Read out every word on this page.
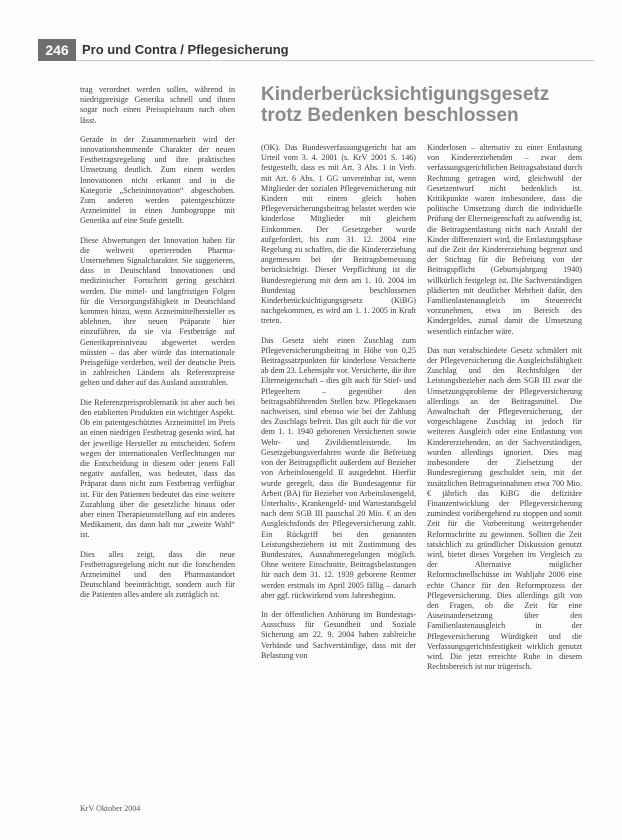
246	Pro und Contra / Pflegesicherung

trag verordnet werden sollen, während in niedrigpreisige Generika schnell und ihnen sogar noch einen Preisspielraum nach oben lässt.

Gerade in der Zusammenarbeit wird der innovationshemmende Charakter der neuen Festbetragsregelung und ihre praktischen Umsetzung deutlich. Zum einem werden Innovationen nicht erkannt und in die Kategorie „Scheininnovation“ abgeschoben. Zum anderen werden patentgeschützte Arzneimittel in einen Jumbogruppe mit Generika auf eine Stufe gestellt.

Diese Abwertungen der Innovation haben für die weltweit operierenden Pharma-Unternehmen Signalcharakter. Sie suggerieren, dass in Deutschland Innovationen und medizinischer Fortschritt gering geschätzt werden. Die mittel- und langfristigen Folgen für die Versorgungsfähigkeit in Deutschland kommen hinzu, wenn Arzneimittelhersteller es ablehnen, ihre neuen Präparate hier einzuführen, da sie via Festbeträge auf Generikapreisniveau abgewertet werden müssten – das aber würde das internationale Preisgefüge verderben, weil der deutsche Preis in zahlreichen Ländern als Referenzpreise gelten und daher auf das Ausland ausstrahlen.

Die Referenzpreisproblematik ist aber auch bei den etablierten Produkten ein wichtiger Aspekt. Ob ein patentgeschütztes Arzneimittel im Preis an einen niedrigen Festbetrag gesenkt wird, hat der jeweilige Hersteller zu entscheiden. Sofern wegen der internationalen Verflechtungen nur die Entscheidung in diesem oder jenem Fall negativ ausfallen, was bedeutet, dass das Präparat dann nicht zum Festbetrag verfügbar ist. Für den Patienten bedeutet das eine weitere Zuzahlung über die gesetzliche hinaus oder aber einen Therapieumstellung auf ein anderes Medikament, das dann halt nur „zweite Wahl“ ist.

Dies alles zeigt, dass die neue Festbetragsregelung nicht nur die forschenden Arzneimittel und den Pharmastandort Deutschland beeinträchtigt, sondern auch für die Patienten alles andere als zuträglich ist.

Kinderberücksichtigungsgesetz
trotz Bedenken beschlossen

(OK). Das Bundesverfassungsgericht hat am Urteil vom 3. 4. 2001 (s. KrV 2001 S. 146) festgestellt, dass es mit Art. 3 Abs. 1 in Verb. mit Art. 6 Abs. 1 GG unvereinbar ist, wenn Mitglieder der sozialen Pflegeversicherung mit Kindern mit einem gleich hohen Pflegeversicherungsbeitrag belastet werden wie kinderlose Mitglieder mit gleichem Einkommen. Der Gesetzgeber wurde aufgefordert, bis zum 31. 12. 2004 eine Regelung zu schaffen, die die Kindererziehung angemessen bei der Beitragsbemessung berücksichtigt. Dieser Verpflichtung ist die Bundesregierung mit dem am 1. 10. 2004 im Bundestag beschlossenen Kinderberücksichtigungsgesetz (KiBG) nachgekommen, es wird am 1. 1. 2005 in Kraft treten.

Das Gesetz sieht einen Zuschlag zum Pflegeversicherungsbeitrag in Höhe von 0,25 Beitragssatzpunkten für kinderlose Versicherte ab dem 23. Lebensjahr vor. Versicherte, die ihre Elterneigenschaft – dies gilt auch für Stief- und Pflegeeltern – gegenüber den beitragsabführenden Stellen bzw. Pflegekassen nachweisen, sind ebenso wie bei der Zahlung des Zuschlags befreit. Das gilt auch für die vor dem 1. 1. 1940 geborenen Versicherten sowie Wehr- und Zivildienstleistende. Im Gesetzgebungsverfahren wurde die Befreiung von der Beitragspflicht außerdem auf Bezieher von Arbeitslosengeld II ausgedehnt. Hierfür wurde geregelt, dass die Bundesagentur für Arbeit (BA) für Bezieher von Arbeitslosengeld, Unterhalts-, Krankengeld- und Wartestandsgeld nach dem SGB III pauschal 20 Mio. € an den Ausgleichsfonds der Pflegeversicherung zahlt. Ein Rückgriff bei den genannten Leistungsbeziehern ist mit Zustimmung des Bundesrates, Ausnahmeregelungen möglich. Ohne weitere Einschnitte, Beitragsbelastungen für nach dem 31. 12. 1939 geborene Rentner werden erstmals im April 2005 fällig – danach aber ggf. rückwirkend vom Jahresbeginn.

In der öffentlichen Anhörung im Bundestags-Ausschuss für Gesundheit und Soziale Sicherung am 22. 9. 2004 haben zahlreiche Verbände und Sachverständige, dass mit der Belastung von

Kinderlosen – alternativ zu einer Entlastung von Kindererziehenden – zwar dem verfassungsgerichtlichen Beitragsabstand durch Rechnung getragen wird, gleichwohl der Gesetzentwurf nicht bedenklich ist. Kritikpunkte waren insbesondere, dass die politische Umsetzung durch die individuelle Prüfung der Elterneigenschaft zu aufwendig ist, die Beitragsentlastung nicht nach Anzahl der Kinder differenziert wird, die Entlastungsphase auf die Zeit der Kindererziehung begrenzt und der Stichtag für die Befreiung von der Beitragspflicht (Geburtsjahrgang 1940) willkürlich festgelegt ist. Die Sachverständigen plädierten mit deutlicher Mehrheit dafür, den Familienlastenausgleich im Steuerrecht vorzunehmen, etwa im Bereich des Kindergeldes, zumal damit die Umsetzung wesentlich einfacher wäre.

Das nun verabschiedete Gesetz schmälert mit der Pflegeversicherung die Ausgleichsfähigkeit Zuschlag und den Rechtsfolgen der Leistungsbezieher nach dem SGB III zwar die Umsetzungsprobleme der Pflegeversicherung allerdings an der Beitragsmittel. Die Anwaltschaft der Pflegeversicherung, der vorgeschlagene Zuschlag ist jedoch für weiteren Ausgleich oder eine Entlastung von Kindererziehenden, an der Sachverständigen, wurden allerdings ignoriert. Dies mag insbesondere der Zielsetzung der Bundesregierung geschuldet sein, mit der zusätzlichen Beitragseinnahmen etwa 700 Mio. € jährlich das KiBG die defizitäre Finanzentwicklung der Pflegeversicherung zumindest vorübergehend zu stoppen und somit Zeit für die Vorbereitung weitergehender Reformschritte zu gewinnen. Sollten die Zeit tatsächlich zu gründlicher Diskussion genutzt wird, bietet dieses Vorgehen im Vergleich zu der Alternative möglicher Reformschnellschüsse im Wahljahr 2006 eine echte Chance für den Reformprozess der Pflegeversicherung. Dies allerdings gilt von den Fragen, ob die Zeit für eine Auseinandersetzung über den Familienlastenausgleich in der Pflegeversicherung Würdigkeit und die Verfassungsgerichtsfestigkeit wirklich genutzt wird. Die jetzt erreichte Ruhe in diesem Rechtsbereich ist nur trügerisch.

KrV Oktober 2004
